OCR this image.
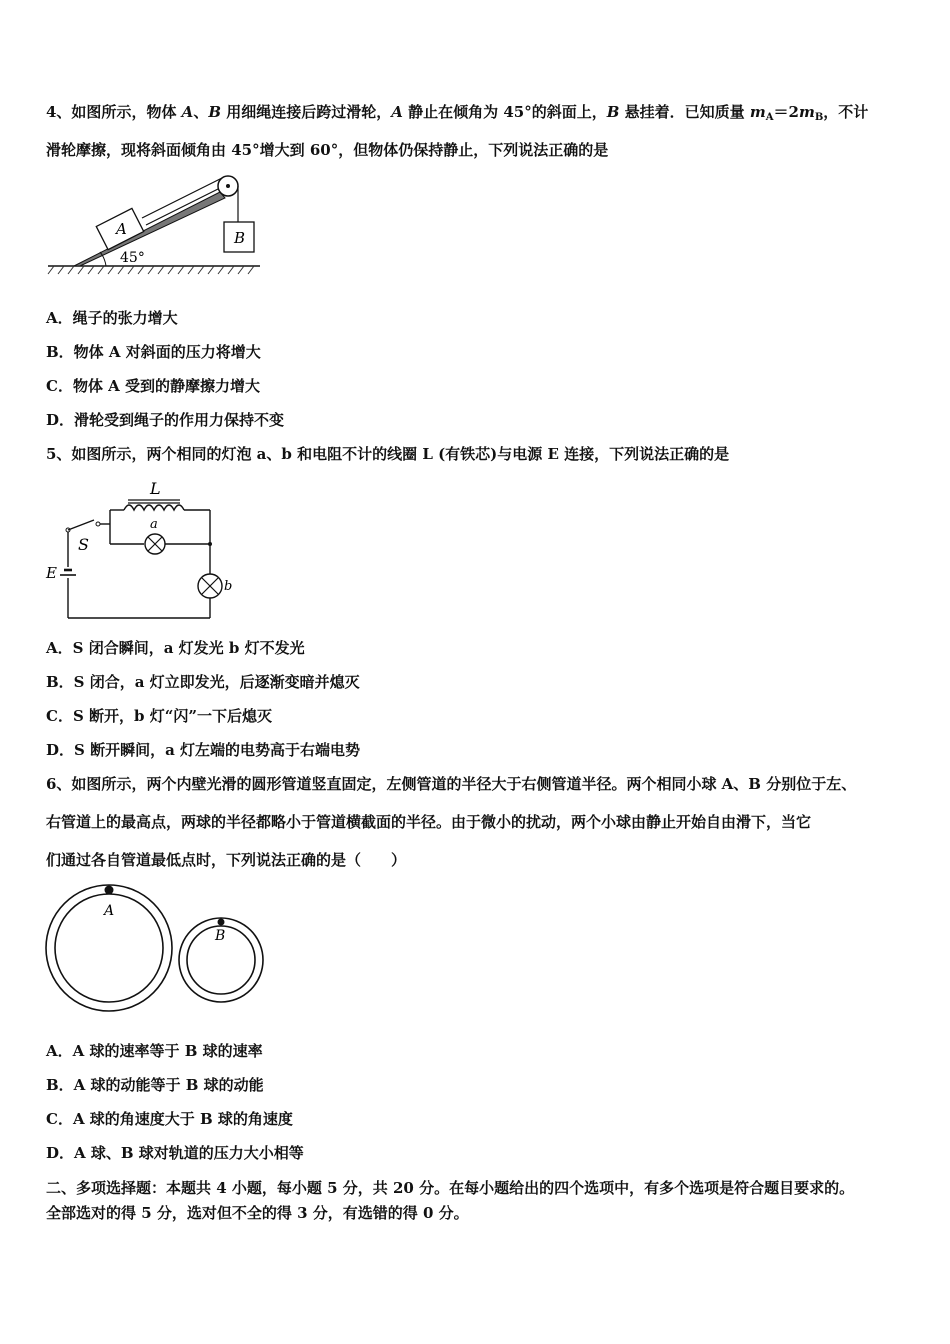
4、如图所示，物体 A、B 用细绳连接后跨过滑轮，A 静止在倾角为 45°的斜面上，B 悬挂着．已知质量 $m_A=2m_B$，不计
滑轮摩擦，现将斜面倾角由 45°增大到 60°，但物体仍保持静止，下列说法正确的是
A	B
45°
A．绳子的张力增大
B．物体 A 对斜面的压力将增大
C．物体 A 受到的静摩擦力增大
D．滑轮受到绳子的作用力保持不变
5、如图所示，两个相同的灯泡 a、b 和电阻不计的线圈 L (有铁芯)与电源 E 连接，下列说法正确的是
L
a
b
E
S
A．S 闭合瞬间，a 灯发光 b 灯不发光
B．S 闭合，a 灯立即发光，后逐渐变暗并熄灭
C．S 断开，b 灯“闪”一下后熄灭
D．S 断开瞬间，a 灯左端的电势高于右端电势
6、如图所示，两个内壁光滑的圆形管道竖直固定，左侧管道的半径大于右侧管道半径。两个相同小球 A、B 分别位于左、
右管道上的最高点，两球的半径都略小于管道横截面的半径。由于微小的扰动，两个小球由静止开始自由滑下，当它
们通过各自管道最低点时，下列说法正确的是（　　）
A
B
A．A 球的速率等于 B 球的速率
B．A 球的动能等于 B 球的动能
C．A 球的角速度大于 B 球的角速度
D．A 球、B 球对轨道的压力大小相等
二、多项选择题：本题共 4 小题，每小题 5 分，共 20 分。在每小题给出的四个选项中，有多个选项是符合题目要求的。
全部选对的得 5 分，选对但不全的得 3 分，有选错的得 0 分。
